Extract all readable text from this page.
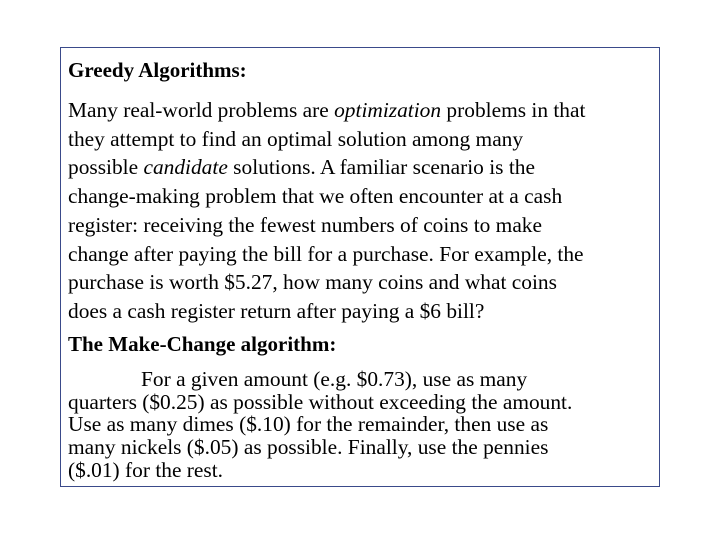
Greedy Algorithms:
Many real-world problems are optimization problems in that
they attempt to find an optimal solution among many
possible candidate solutions. A familiar scenario is the
change-making problem that we often encounter at a cash
register: receiving the fewest numbers of coins to make
change after paying the bill for a purchase. For example, the
purchase is worth $5.27, how many coins and what coins
does a cash register return after paying a $6 bill?
The Make-Change algorithm:
For a given amount (e.g. $0.73), use as many
quarters ($0.25) as possible without exceeding the amount.
Use as many dimes ($.10) for the remainder, then use as
many nickels ($.05) as possible. Finally, use the pennies
($.01) for the rest.
